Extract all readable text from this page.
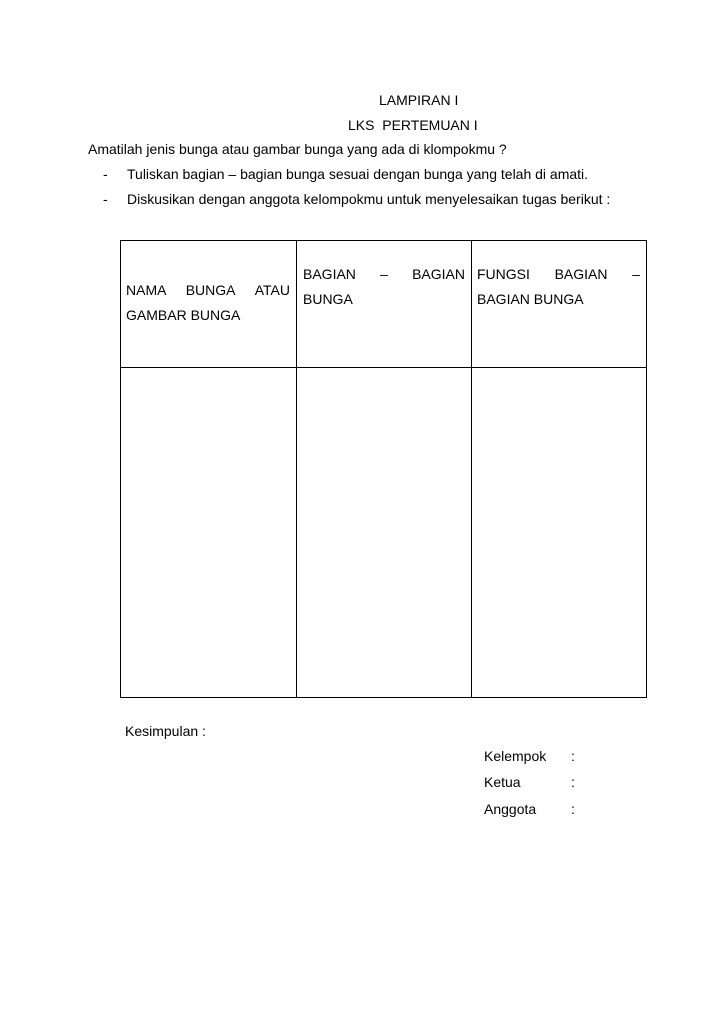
LAMPIRAN I
LKS  PERTEMUAN I
Amatilah jenis bunga atau gambar bunga yang ada di klompokmu ?
- Tuliskan bagian – bagian bunga sesuai dengan bunga yang telah di amati.
- Diskusikan dengan anggota kelompokmu untuk menyelesaikan tugas berikut :
NAMA BUNGA ATAU
GAMBAR BUNGA
BAGIAN – BAGIAN
BUNGA
FUNGSI BAGIAN –
BAGIAN BUNGA
Kesimpulan :
Kelempok :
Ketua	:
Anggota :
